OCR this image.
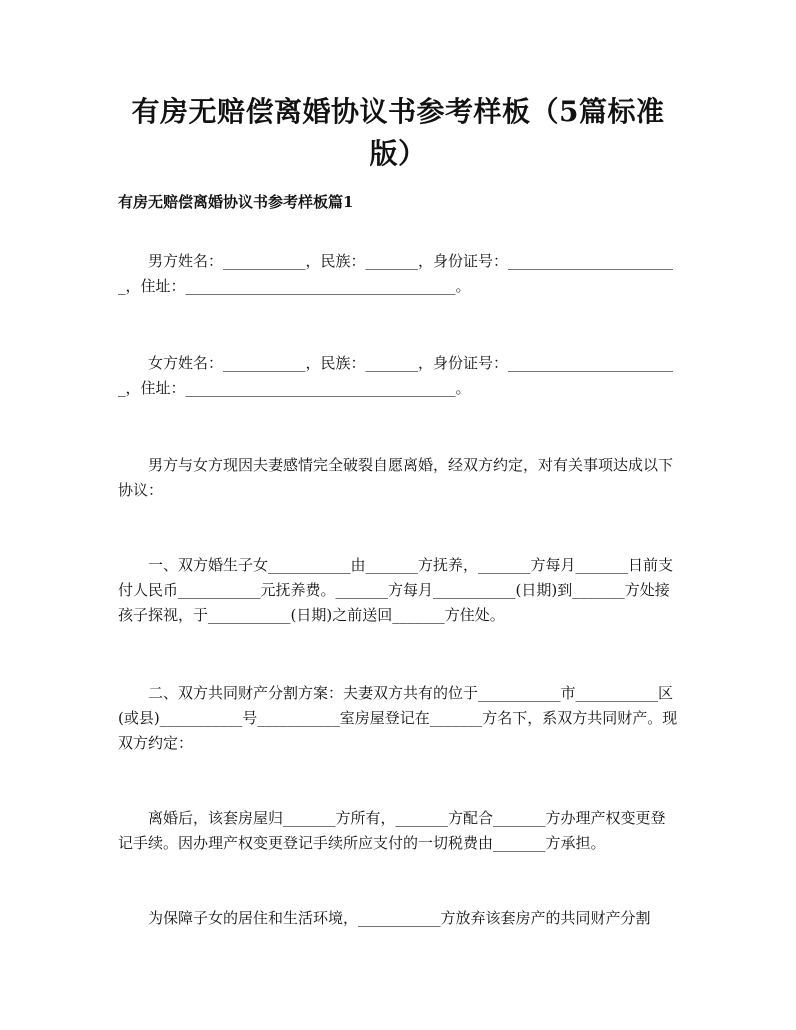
有房无赔偿离婚协议书参考样板（5篇标准版）
有房无赔偿离婚协议书参考样板篇1

男方姓名：___________，民族：_______，身份证号：_______________________，住址：____________________________________。

女方姓名：___________，民族：_______，身份证号：_______________________，住址：____________________________________。

男方与女方现因夫妻感情完全破裂自愿离婚，经双方约定，对有关事项达成以下协议：

一、双方婚生子女___________由_______方抚养，_______方每月_______日前支付人民币___________元抚养费。_______方每月___________(日期)到_______方处接孩子探视，于___________(日期)之前送回_______方住处。

二、双方共同财产分割方案：夫妻双方共有的位于___________市___________区(或县)___________号___________室房屋登记在_______方名下，系双方共同财产。现双方约定：

离婚后，该套房屋归_______方所有，_______方配合_______方办理产权变更登记手续。因办理产权变更登记手续所应支付的一切税费由_______方承担。

为保障子女的居住和生活环境，___________方放弃该套房产的共同财产分割
